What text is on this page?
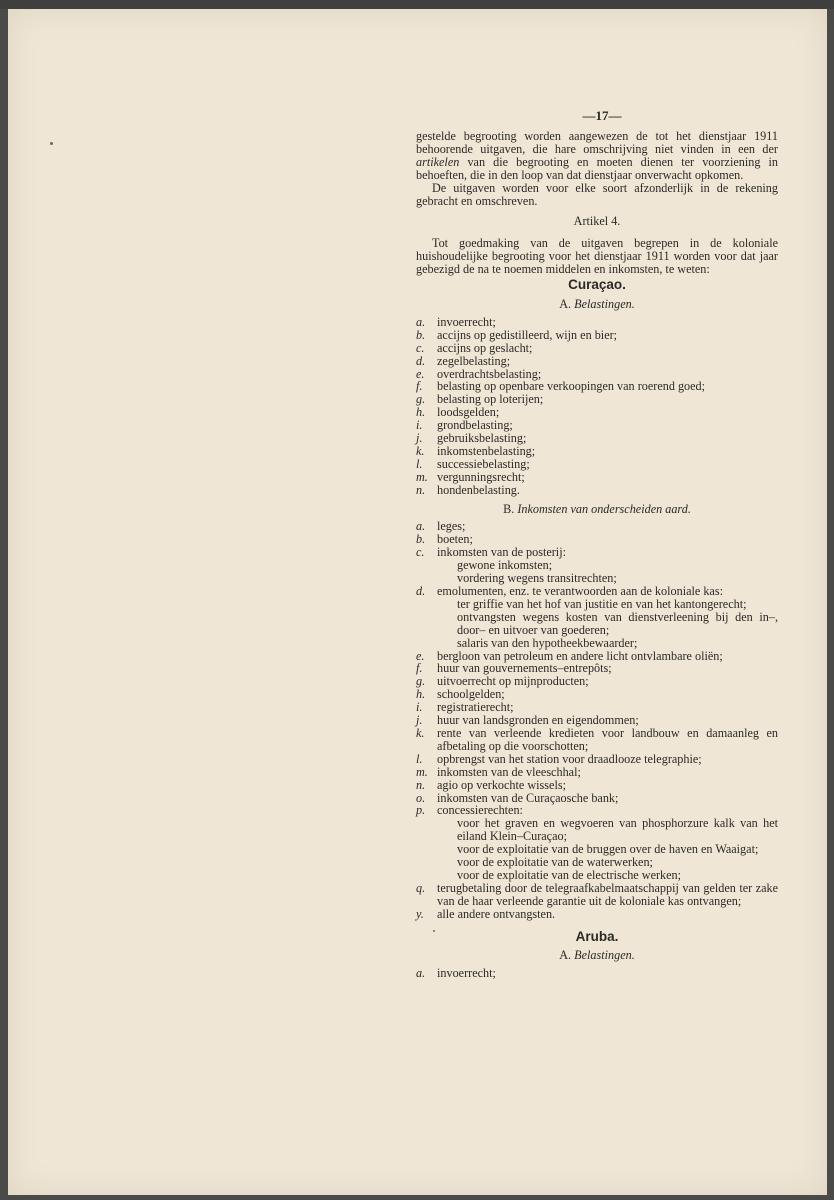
—17—

gestelde begrooting worden aangewezen de tot het dienstjaar 1911 behoorende uitgaven, die hare omschrijving niet vinden in een der artikelen van die begrooting en moeten dienen ter voorziening in behoeften, die in den loop van dat dienstjaar onverwacht opkomen.

De uitgaven worden voor elke soort afzonderlijk in de rekening gebracht en omschreven.

Artikel 4.

Tot goedmaking van de uitgaven begrepen in de koloniale huishoudelijke begrooting voor het dienstjaar 1911 worden voor dat jaar gebezigd de na te noemen middelen en inkomsten, te weten:

Curaçao.
A. Belastingen.
a. invoerrecht;
b. accijns op gedistilleerd, wijn en bier;
c.	accijns op geslacht;
d. zegelbelasting;
e.	overdrachtsbelasting;
f.	belasting op openbare verkoopingen van roerend goed;
g. belasting op loterijen;
h. loodsgelden;
i.	grondbelasting;
j.	gebruiksbelasting;
k.	inkomstenbelasting;
l.	successiebelasting;
m. vergunningsrecht;
n. hondenbelasting.
B. Inkomsten van onderscheiden aard.
a. leges;
b. boeten;
c.	inkomsten van de posterij:
gewone inkomsten;
vordering wegens transitrechten;
d. emolumenten, enz. te verantwoorden aan de koloniale kas:
ter griffie van het hof van justitie en van het kantongerecht;
ontvangsten wegens kosten van dienstverleening bij den in–, door– en uitvoer van goederen;
salaris van den hypotheekbewaarder;
e.	bergloon van petroleum en andere licht ontvlambare oliën;
f.	huur van gouvernements–entrepôts;
g. uitvoerrecht op mijnproducten;
h. schoolgelden;
i.	registratierecht;
j.	huur van landsgronden en eigendommen;
k.	rente van verleende kredieten voor landbouw en damaanleg en afbetaling op die voorschotten;
l.	opbrengst van het station voor draadlooze telegraphie;
m. inkomsten van de vleeschhal;
n. agio op verkochte wissels;
o. inkomsten van de Curaçaosche bank;
p. concessierechten:
voor het graven en wegvoeren van phosphorzure kalk van het eiland Klein–Curaçao;
voor de exploitatie van de bruggen over de haven en Waaigat;
voor de exploitatie van de waterwerken;
voor de exploitatie van de electrische werken;
q. terugbetaling door de telegraafkabelmaatschappij van gelden ter zake van de haar verleende garantie uit de koloniale kas ontvangen;
y.	alle andere ontvangsten.
Aruba.
A. Belastingen.
a. invoerrecht;
